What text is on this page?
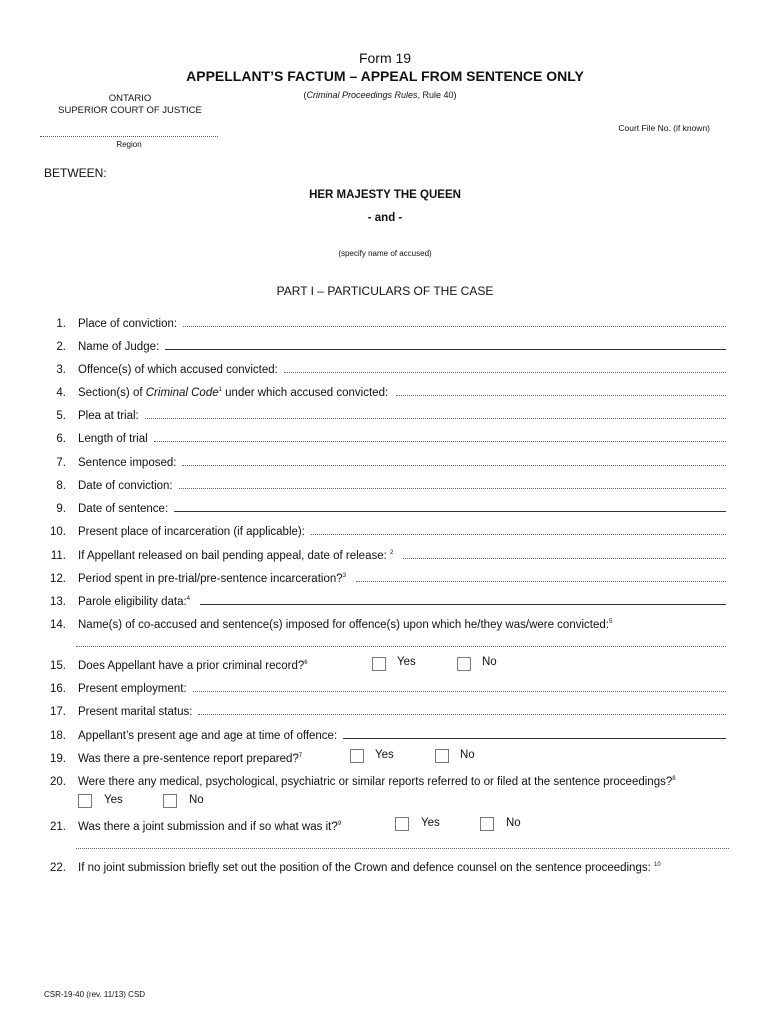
Form 19
APPELLANT’S FACTUM – APPEAL FROM SENTENCE ONLY
(Criminal Proceedings Rules, Rule 40)
ONTARIO
SUPERIOR COURT OF JUSTICE
Region
Court File No. (if known)
BETWEEN:
HER MAJESTY THE QUEEN
- and -
(specify name of accused)
PART I – PARTICULARS OF THE CASE
1. Place of conviction:
2. Name of Judge:
3. Offence(s) of which accused convicted:
4. Section(s) of Criminal Code$^1$ under which accused convicted:
5. Plea at trial:
6. Length of trial
7. Sentence imposed:
8. Date of conviction:
9. Date of sentence:
10. Present place of incarceration (if applicable):
11. If Appellant released on bail pending appeal, date of release: $^2$
12. Period spent in pre-trial/pre-sentence incarceration?$^3$
13. Parole eligibility data:$^4$
14. Name(s) of co-accused and sentence(s) imposed for offence(s) upon which he/they was/were convicted:$^5$
15. Does Appellant have a prior criminal record?$^6$	Yes	No
16. Present employment:
17. Present marital status:
18. Appellant’s present age and age at time of offence:
19. Was there a pre-sentence report prepared?$^7$	Yes	No
20. Were there any medical, psychological, psychiatric or similar reports referred to or filed at the sentence proceedings?$^8$
Yes	No
21. Was there a joint submission and if so what was it?$^9$	Yes	No
22. If no joint submission briefly set out the position of the Crown and defence counsel on the sentence proceedings: $^{10}$
CSR-19-40 (rev. 11/13) CSD
